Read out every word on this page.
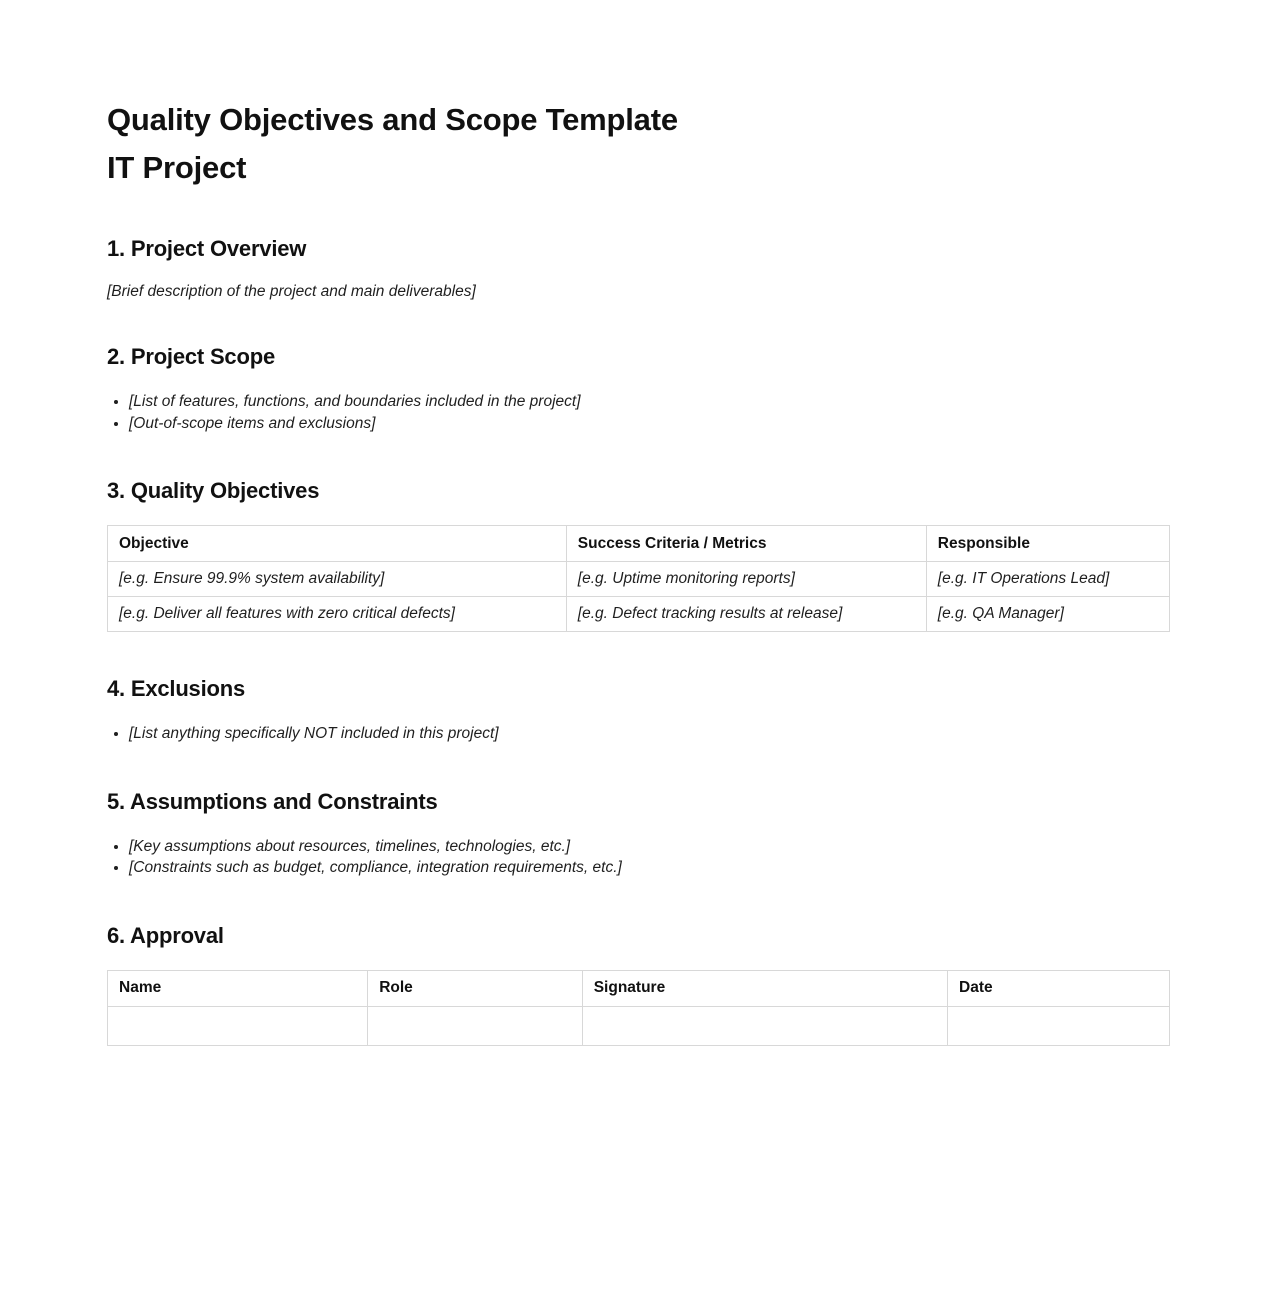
Quality Objectives and Scope Template
IT Project
1. Project Overview

[Brief description of the project and main deliverables]

2. Project Scope
• [List of features, functions, and boundaries included in the project]
• [Out-of-scope items and exclusions]
3. Quality Objectives
Objective	Success Criteria / Metrics	Responsible
[e.g. Ensure 99.9% system availability]	[e.g. Uptime monitoring reports]	[e.g. IT Operations Lead]
[e.g. Deliver all features with zero critical defects]	[e.g. Defect tracking results at release]	[e.g. QA Manager]
4. Exclusions
• [List anything specifically NOT included in this project]
5. Assumptions and Constraints
• [Key assumptions about resources, timelines, technologies, etc.]
• [Constraints such as budget, compliance, integration requirements, etc.]
6. Approval
Name	Role	Signature	Date
